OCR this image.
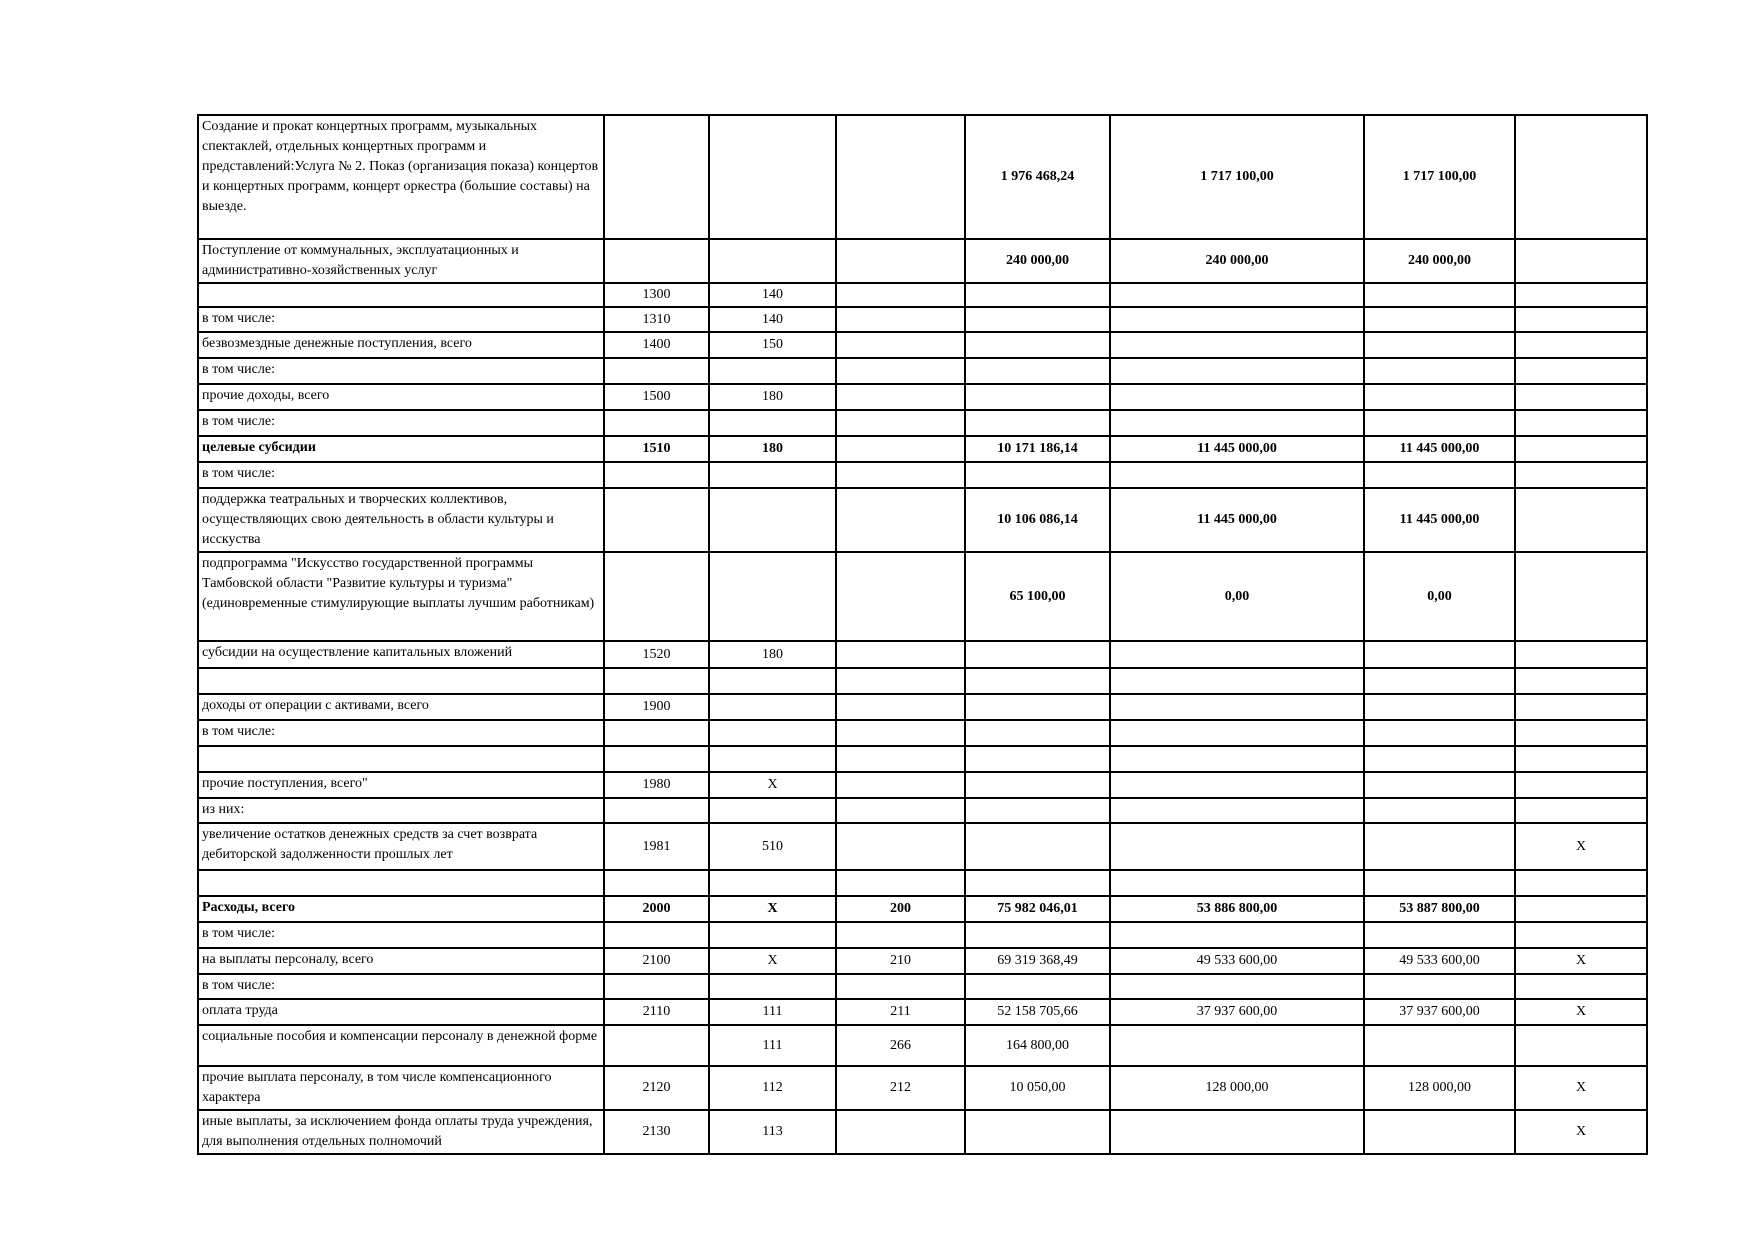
Создание и прокат концертных программ, музыкальных спектаклей, отдельных концертных программ и представлений:Услуга № 2. Показ (организация показа) концертов и концертных программ, концерт оркестра (большие составы) на выезде.				1 976 468,24	1 717 100,00	1 717 100,00	
Поступление от коммунальных, эксплуатационных и административно-хозяйственных услуг				240 000,00	240 000,00	240 000,00	
	1300	140					
в том числе:	1310	140					
безвозмездные денежные поступления, всего	1400	150					
в том числе:							
прочие доходы, всего	1500	180					
в том числе:							
целевые субсидии	1510	180		10 171 186,14	11 445 000,00	11 445 000,00	
в том числе:							
поддержка театральных и творческих коллективов, осуществляющих свою деятельность в области культуры и исскуства				10 106 086,14	11 445 000,00	11 445 000,00	
подпрограмма "Искусство государственной программы Тамбовской области "Развитие культуры и туризма" (единовременные стимулирующие выплаты лучшим работникам)				65 100,00	0,00	0,00	
субсидии на осуществление капитальных вложений	1520	180					

доходы от операции с активами, всего	1900						
в том числе:							

прочие поступления, всего"	1980	Х					
из них:							
увеличение остатков денежных средств за счет возврата дебиторской задолженности прошлых лет	1981	510					Х

Расходы, всего	2000	Х	200	75 982 046,01	53 886 800,00	53 887 800,00	
в том числе:							
на выплаты персоналу, всего	2100	Х	210	69 319 368,49	49 533 600,00	49 533 600,00	Х
в том числе:							
оплата труда	2110	111	211	52 158 705,66	37 937 600,00	37 937 600,00	Х
социальные пособия и компенсации персоналу в денежной форме		111	266	164 800,00			
прочие выплата персоналу, в том числе компенсационного характера	2120	112	212	10 050,00	128 000,00	128 000,00	Х
иные выплаты, за исключением фонда оплаты труда учреждения, для выполнения отдельных полномочий	2130	113					Х
